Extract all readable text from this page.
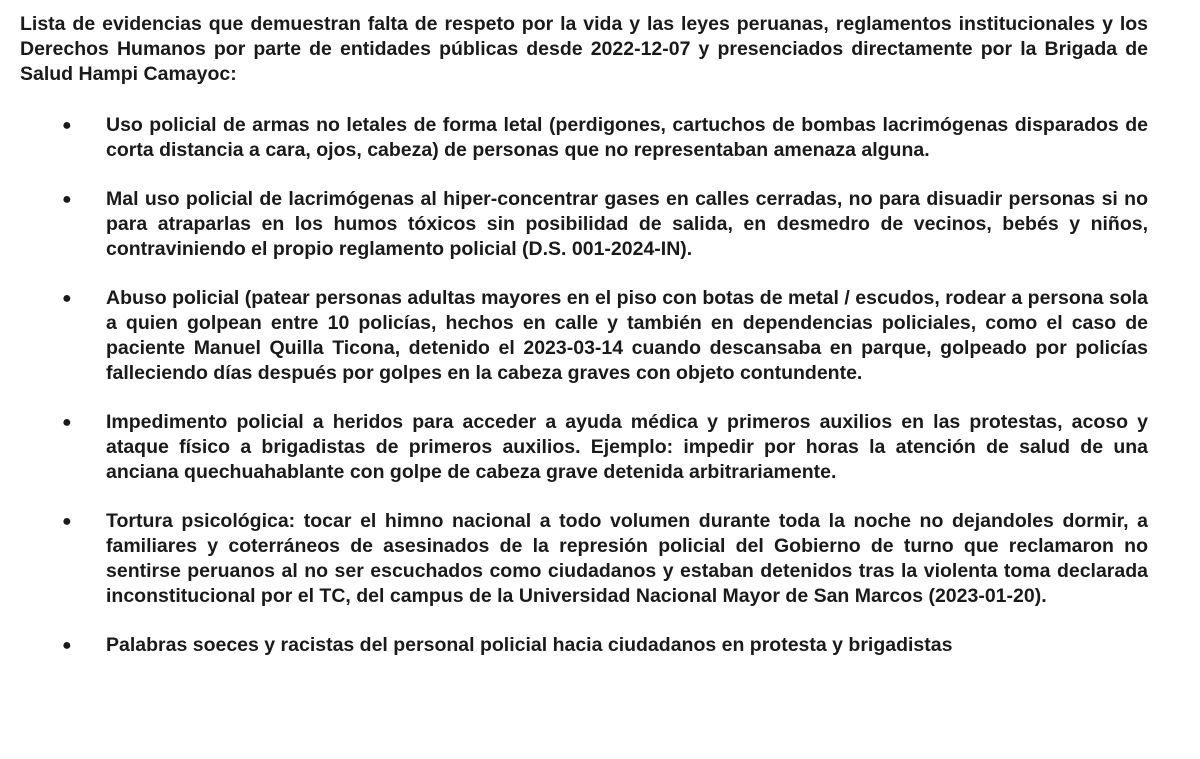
Lista de evidencias que demuestran falta de respeto por la vida y las leyes peruanas, reglamentos institucionales y los Derechos Humanos por parte de entidades públicas desde 2022-12-07 y presenciados directamente por la Brigada de Salud Hampi Camayoc:

● Uso policial de armas no letales de forma letal (perdigones, cartuchos de bombas lacrimógenas disparados de corta distancia a cara, ojos, cabeza) de personas que no representaban amenaza alguna.
● Mal uso policial de lacrimógenas al hiper-concentrar gases en calles cerradas, no para disuadir personas si no para atraparlas en los humos tóxicos sin posibilidad de salida, en desmedro de vecinos, bebés y niños, contraviniendo el propio reglamento policial (D.S. 001-2024-IN).
● Abuso policial (patear personas adultas mayores en el piso con botas de metal / escudos, rodear a persona sola a quien golpean entre 10 policías, hechos en calle y también en dependencias policiales, como el caso de paciente Manuel Quilla Ticona, detenido el 2023-03-14 cuando descansaba en parque, golpeado por policías falleciendo días después por golpes en la cabeza graves con objeto contundente.
● Impedimento policial a heridos para acceder a ayuda médica y primeros auxilios en las protestas, acoso y ataque físico a brigadistas de primeros auxilios. Ejemplo: impedir por horas la atención de salud de una anciana quechuahablante con golpe de cabeza grave detenida arbitrariamente.
● Tortura psicológica: tocar el himno nacional a todo volumen durante toda la noche no dejandoles dormir, a familiares y coterráneos de asesinados de la represión policial del Gobierno de turno que reclamaron no sentirse peruanos al no ser escuchados como ciudadanos y estaban detenidos tras la violenta toma declarada inconstitucional por el TC, del campus de la Universidad Nacional Mayor de San Marcos (2023-01-20).
● Palabras soeces y racistas del personal policial hacia ciudadanos en protesta y brigadistas
